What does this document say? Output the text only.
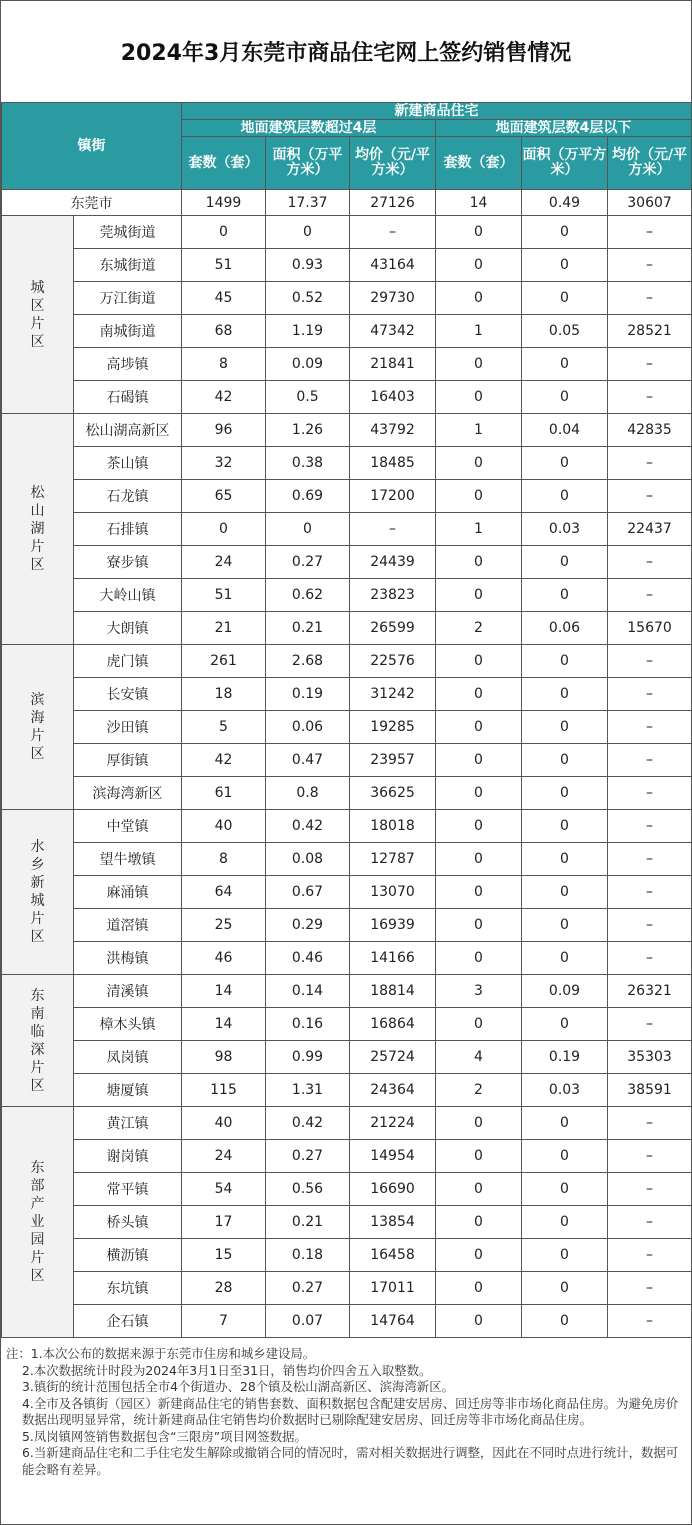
2024年3月东莞市商品住宅网上签约销售情况
镇街		新建商品住宅					
		地面建筑层数超过4层			地面建筑层数4层以下		
		套数（套）	面积（万平方米）	均价（元/平方米）	套数（套）	面积（万平方米）	均价（元/平方米）
东莞市		1499	17.37	27126	14	0.49	30607

城区片区	莞城街道	0	0	–	0	0	–
	东城街道	51	0.93	43164	0	0	–
	万江街道	45	0.52	29730	0	0	–
	南城街道	68	1.19	47342	1	0.05	28521
	高埗镇	8	0.09	21841	0	0	–
	石碣镇	42	0.5	16403	0	0	–

松山湖片区	松山湖高新区	96	1.26	43792	1	0.04	42835
	茶山镇	32	0.38	18485	0	0	–
	石龙镇	65	0.69	17200	0	0	–
	石排镇	0	0	–	1	0.03	22437
	寮步镇	24	0.27	24439	0	0	–
	大岭山镇	51	0.62	23823	0	0	–
	大朗镇	21	0.21	26599	2	0.06	15670

滨海片区	虎门镇	261	2.68	22576	0	0	–
	长安镇	18	0.19	31242	0	0	–
	沙田镇	5	0.06	19285	0	0	–
	厚街镇	42	0.47	23957	0	0	–
	滨海湾新区	61	0.8	36625	0	0	–

水乡新城片区	中堂镇	40	0.42	18018	0	0	–
	望牛墩镇	8	0.08	12787	0	0	–
	麻涌镇	64	0.67	13070	0	0	–
	道滘镇	25	0.29	16939	0	0	–
	洪梅镇	46	0.46	14166	0	0	–

东南临深片区	清溪镇	14	0.14	18814	3	0.09	26321
	樟木头镇	14	0.16	16864	0	0	–
	凤岗镇	98	0.99	25724	4	0.19	35303
	塘厦镇	115	1.31	24364	2	0.03	38591

东部产业园片区	黄江镇	40	0.42	21224	0	0	–
	谢岗镇	24	0.27	14954	0	0	–
	常平镇	54	0.56	16690	0	0	–
	桥头镇	17	0.21	13854	0	0	–
	横沥镇	15	0.18	16458	0	0	–
	东坑镇	28	0.27	17011	0	0	–
	企石镇	7	0.07	14764	0	0	–
注：1.本次公布的数据来源于东莞市住房和城乡建设局。
2.本次数据统计时段为2024年3月1日至31日，销售均价四舍五入取整数。
3.镇街的统计范围包括全市4个街道办、28个镇及松山湖高新区、滨海湾新区。
4.全市及各镇街（园区）新建商品住宅的销售套数、面积数据包含配建安居房、回迁房等非市场化商品住房。为避免房价数据出现明显异常，统计新建商品住宅销售均价数据时已剔除配建安居房、回迁房等非市场化商品住房。
5.凤岗镇网签销售数据包含“三限房”项目网签数据。
6.当新建商品住宅和二手住宅发生解除或撤销合同的情况时，需对相关数据进行调整，因此在不同时点进行统计，数据可能会略有差异。
